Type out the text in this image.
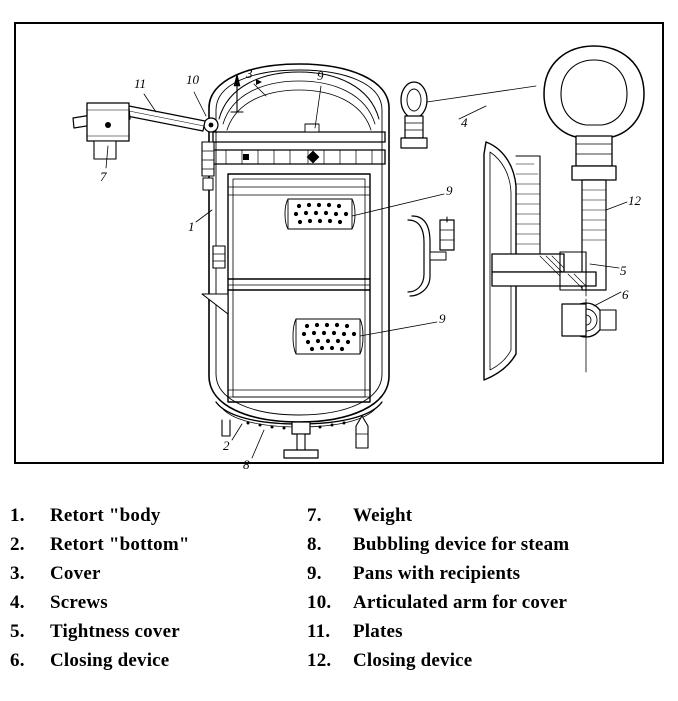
11	10	3	9
4
7
9
1
12
9
5
6
2
8
1.	Retort "body
2.	Retort "bottom"
3.	Cover
4.	Screws
5.	Tightness cover
6.	Closing device
7.	Weight
8.	Bubbling device for steam
9.	Pans with recipients
10.	Articulated arm for cover
11.	Plates
12.	Closing device
